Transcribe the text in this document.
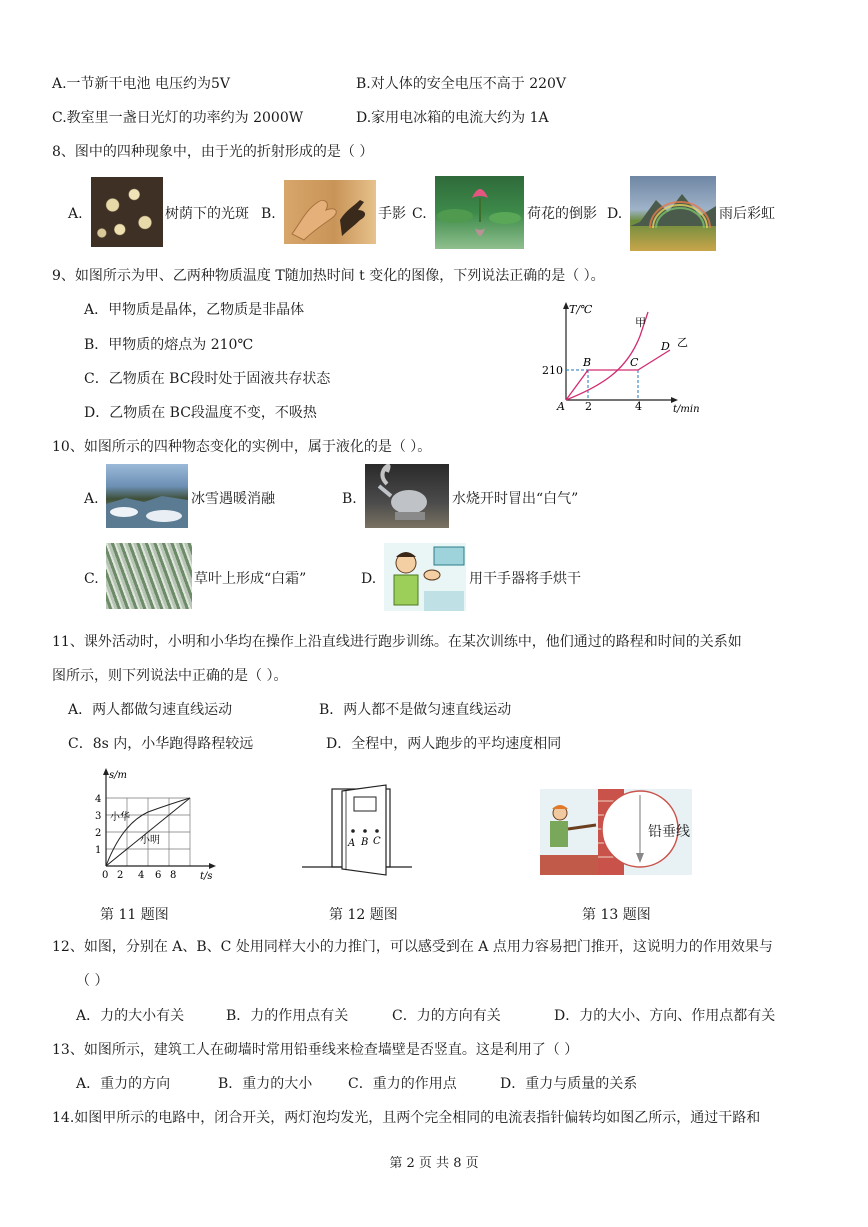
A.一节新干电池 电压约为5V	B.对人体的安全电压不高于 220V
C.教室里一盏日光灯的功率约为 2000W	D.家用电冰箱的电流大约为 1A
8、图中的四种现象中，由于光的折射形成的是（ ）
A.	树荫下的光斑 B.	手影 C.	荷花的倒影 D.	雨后彩虹
9、如图所示为甲、乙两种物质温度 T随加热时间 t 变化的图像，下列说法正确的是（ ）。
A．甲物质是晶体，乙物质是非晶体
B．甲物质的熔点为 210℃
C．乙物质在 BC段时处于固液共存状态
D．乙物质在 BC段温度不变，不吸热
T/℃
t/min
210
2	4
A
B	C
D
甲
乙
10、如图所示的四种物态变化的实例中，属于液化的是（ ）。
A.	冰雪遇暖消融	B.	水烧开时冒出“白气”
C.	草叶上形成“白霜”	D.	用干手器将手烘干
11、课外活动时，小明和小华均在操作上沿直线进行跑步训练。在某次训练中，他们通过的路程和时间的关系如
图所示，则下列说法中正确的是（ ）。
A．两人都做匀速直线运动	B．两人都不是做匀速直线运动
C．8s 内，小华跑得路程较远	D．全程中，两人跑步的平均速度相同
s/m
t/s
1
2
3
4
0 2 4 6 8
小华
小明	A B C
铅垂线
第 11 题图	第 12 题图	第 13 题图
12、如图，分别在 A、B、C 处用同样大小的力推门，可以感受到在 A 点用力容易把门推开，这说明力的作用效果与
（ ）
A．力的大小有关	B．力的作用点有关	C．力的方向有关	D．力的大小、方向、作用点都有关
13、如图所示，建筑工人在砌墙时常用铅垂线来检查墙壁是否竖直。这是利用了（ ）
A．重力的方向	B．重力的大小	C．重力的作用点	D．重力与质量的关系
14.如图甲所示的电路中，闭合开关，两灯泡均发光，且两个完全相同的电流表指针偏转均如图乙所示，通过干路和
第 2 页 共 8 页
